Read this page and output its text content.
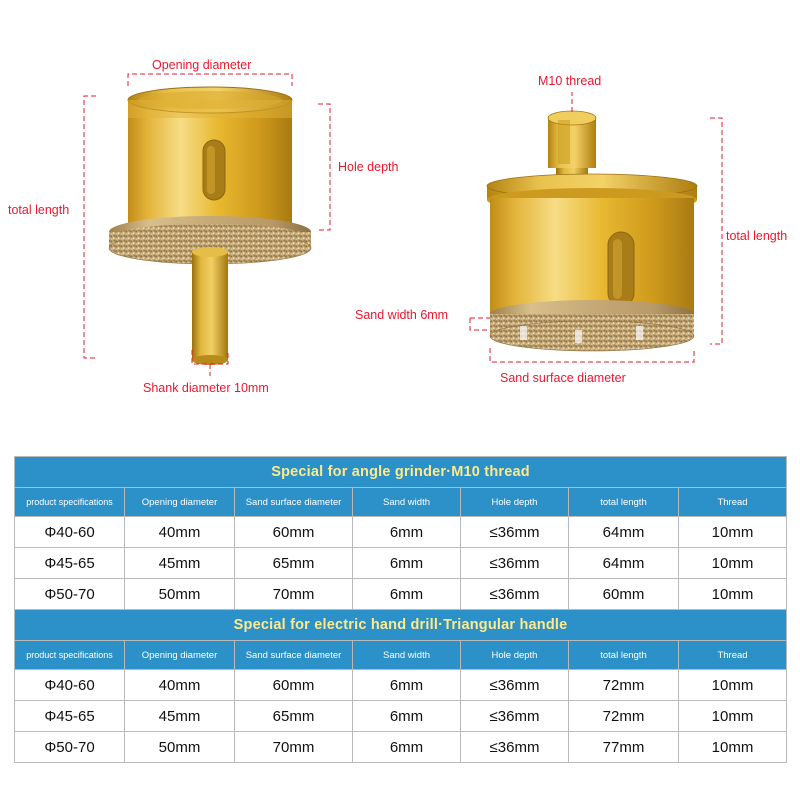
Opening diameter
Hole depth
total length
Shank diameter 10mm
M10 thread
total length
Sand width 6mm
Sand surface diameter
Special for angle grinder·M10 thread						
product specifications	Opening diameter	Sand surface diameter	Sand width	Hole depth	total length	Thread
Φ40-60	40mm	60mm	6mm	≤36mm	64mm	10mm
Φ45-65	45mm	65mm	6mm	≤36mm	64mm	10mm
Φ50-70	50mm	70mm	6mm	≤36mm	60mm	10mm
Special for electric hand drill·Triangular handle						
product specifications	Opening diameter	Sand surface diameter	Sand width	Hole depth	total length	Thread
Φ40-60	40mm	60mm	6mm	≤36mm	72mm	10mm
Φ45-65	45mm	65mm	6mm	≤36mm	72mm	10mm
Φ50-70	50mm	70mm	6mm	≤36mm	77mm	10mm
